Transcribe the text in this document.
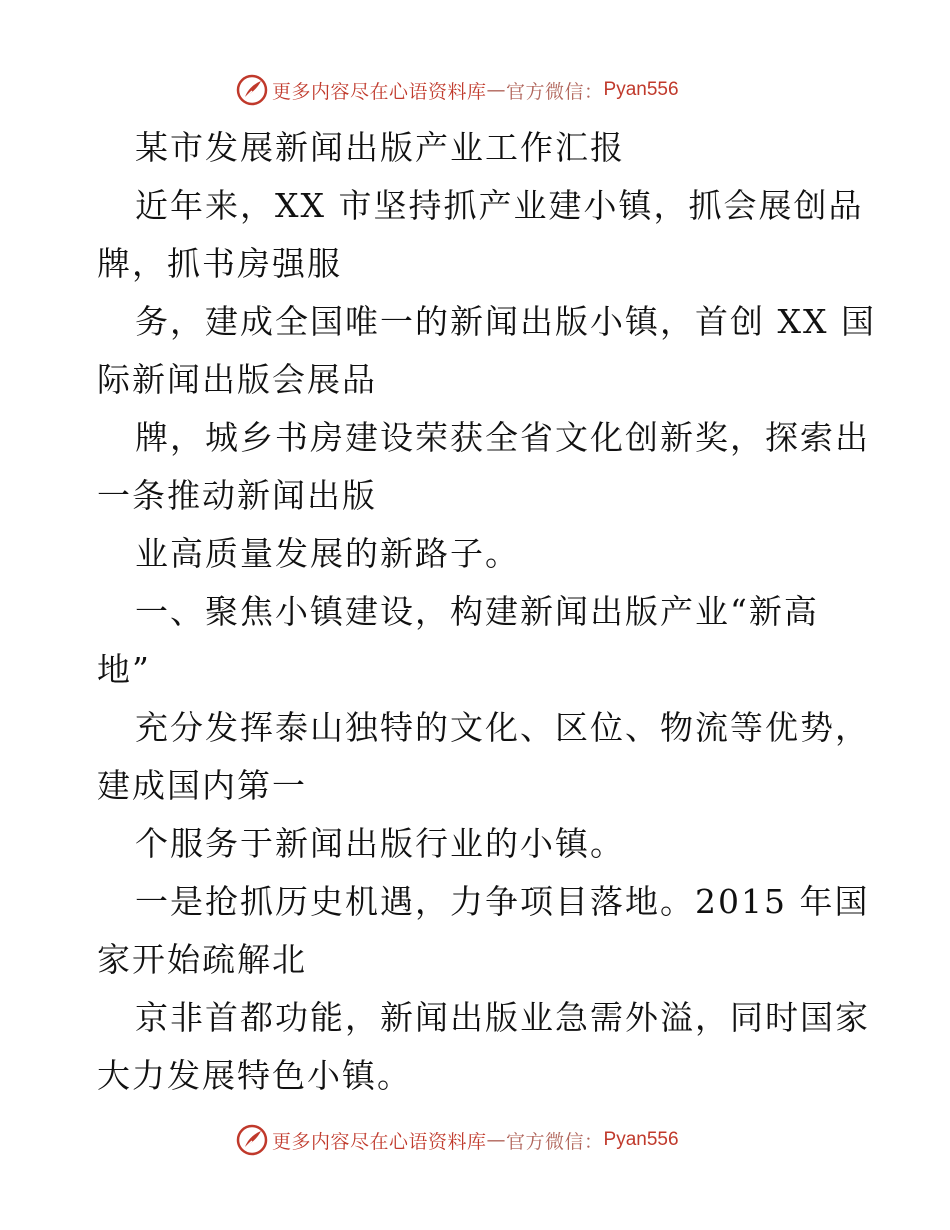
更多内容尽在心语资料库 — 官方微信： Pyan556
某市发展新闻出版产业工作汇报
近年来，XX 市坚持抓产业建小镇，抓会展创品
牌，抓书房强服
务，建成全国唯一的新闻出版小镇，首创 XX 国
际新闻出版会展品
牌，城乡书房建设荣获全省文化创新奖，探索出
一条推动新闻出版
业高质量发展的新路子。
一、聚焦小镇建设，构建新闻出版产业“新高
地”
充分发挥泰山独特的文化、区位、物流等优势，
建成国内第一
个服务于新闻出版行业的小镇。
一是抢抓历史机遇，力争项目落地。2015 年国
家开始疏解北
京非首都功能，新闻出版业急需外溢，同时国家
大力发展特色小镇。
更多内容尽在心语资料库 — 官方微信： Pyan556
